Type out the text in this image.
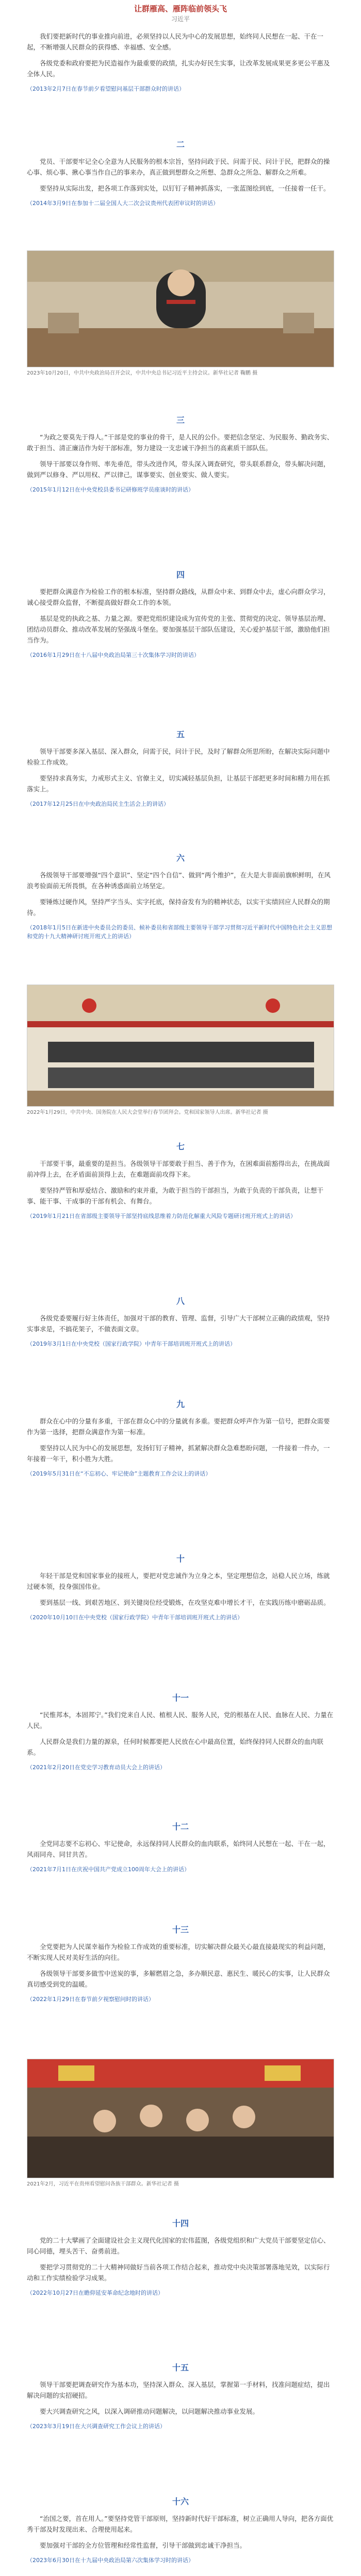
让群雁高、雁阵临前领头飞
习近平

我们要把新时代的事业推向前进，必须坚持以人民为中心的发展思想，始终同人民想在一起、干在一起，不断增强人民群众的获得感、幸福感、安全感。

各级党委和政府要把为民造福作为最重要的政绩，扎实办好民生实事，让改革发展成果更多更公平惠及全体人民。

（2013年2月7日在春节前夕看望慰问基层干部群众时的讲话）
二

党员、干部要牢记全心全意为人民服务的根本宗旨，坚持问政于民、问需于民、问计于民，把群众的操心事、烦心事、揪心事当作自己的事来办，真正做到想群众之所想、急群众之所急、解群众之所难。

要坚持从实际出发，把各项工作落到实处，以钉钉子精神抓落实，一张蓝图绘到底，一任接着一任干。

（2014年3月9日在参加十二届全国人大二次会议贵州代表团审议时的讲话）
2023年10月20日，中共中央政治局召开会议，中共中央总书记习近平主持会议。新华社记者 鞠鹏 摄
三

“为政之要莫先于得人。”干部是党的事业的骨干，是人民的公仆。要把信念坚定、为民服务、勤政务实、敢于担当、清正廉洁作为好干部标准，努力建设一支忠诚干净担当的高素质干部队伍。

领导干部要以身作则、率先垂范，带头改进作风，带头深入调查研究，带头联系群众，带头解决问题，做到严以修身、严以用权、严以律己，谋事要实、创业要实、做人要实。

（2015年1月12日在中央党校县委书记研修班学员座谈时的讲话）
四

要把群众满意作为检验工作的根本标准，坚持群众路线，从群众中来、到群众中去，虚心向群众学习，诚心接受群众监督，不断提高做好群众工作的本领。

基层是党的执政之基、力量之源。要把党组织建设成为宣传党的主张、贯彻党的决定、领导基层治理、团结动员群众、推动改革发展的坚强战斗堡垒。要加强基层干部队伍建设，关心爱护基层干部，激励他们担当作为。

（2016年1月29日在十八届中央政治局第三十次集体学习时的讲话）
五

领导干部要多深入基层、深入群众，问需于民，问计于民，及时了解群众所思所盼，在解决实际问题中检验工作成效。

要坚持求真务实，力戒形式主义、官僚主义，切实减轻基层负担，让基层干部把更多时间和精力用在抓落实上。

（2017年12月25日在中央政治局民主生活会上的讲话）
六

各级领导干部要增强“四个意识”、坚定“四个自信”、做到“两个维护”，在大是大非面前旗帜鲜明，在风浪考验面前无所畏惧，在各种诱惑面前立场坚定。

要锤炼过硬作风，坚持严字当头、实字托底，保持奋发有为的精神状态，以实干实绩回应人民群众的期待。

（2018年1月5日在新进中央委员会的委员、候补委员和省部级主要领导干部学习贯彻习近平新时代中国特色社会主义思想和党的十九大精神研讨班开班式上的讲话）
2022年1月29日，中共中央、国务院在人民大会堂举行春节团拜会。党和国家领导人出席。新华社记者 摄
七

干部要干事，最重要的是担当。各级领导干部要敢于担当、善于作为，在困难面前豁得出去，在挑战面前冲得上去，在矛盾面前顶得上去，在难题面前攻得下来。

要坚持严管和厚爱结合、激励和约束并重，为敢于担当的干部担当，为敢于负责的干部负责，让想干事、能干事、干成事的干部有机会、有舞台。

（2019年1月21日在省部级主要领导干部坚持底线思维着力防范化解重大风险专题研讨班开班式上的讲话）
八

各级党委要履行好主体责任，加强对干部的教育、管理、监督，引导广大干部树立正确的政绩观，坚持实事求是，不搞花架子，不做表面文章。

（2019年3月1日在中央党校（国家行政学院）中青年干部培训班开班式上的讲话）
九

群众在心中的分量有多重，干部在群众心中的分量就有多重。要把群众呼声作为第一信号，把群众需要作为第一选择，把群众满意作为第一标准。

要坚持以人民为中心的发展思想，发扬钉钉子精神，抓紧解决群众急难愁盼问题，一件接着一件办，一年接着一年干，积小胜为大胜。

（2019年5月31日在“不忘初心、牢记使命”主题教育工作会议上的讲话）
十

年轻干部是党和国家事业的接班人，要把对党忠诚作为立身之本，坚定理想信念，站稳人民立场，练就过硬本领，投身强国伟业。

要到基层一线、到艰苦地区、到关键岗位经受锻炼，在攻坚克难中增长才干，在实践历练中磨砺品质。

（2020年10月10日在中央党校（国家行政学院）中青年干部培训班开班式上的讲话）
十一

“民惟邦本，本固邦宁。”我们党来自人民、植根人民、服务人民，党的根基在人民、血脉在人民、力量在人民。

人民群众是我们力量的源泉，任何时候都要把人民放在心中最高位置，始终保持同人民群众的血肉联系。

（2021年2月20日在党史学习教育动员大会上的讲话）
十二

全党同志要不忘初心、牢记使命，永远保持同人民群众的血肉联系，始终同人民想在一起、干在一起，风雨同舟、同甘共苦。

（2021年7月1日在庆祝中国共产党成立100周年大会上的讲话）
十三

全党要把为人民谋幸福作为检验工作成效的重要标准，切实解决群众最关心最直接最现实的利益问题，不断实现人民对美好生活的向往。

各级领导干部要多做雪中送炭的事，多解燃眉之急，多办顺民意、惠民生、暖民心的实事，让人民群众真切感受到党的温暖。

（2022年1月29日在春节前夕视察慰问时的讲话）
2021年2月，习近平在贵州看望慰问各族干部群众。新华社记者 摄
十四

党的二十大擘画了全面建设社会主义现代化国家的宏伟蓝图，各级党组织和广大党员干部要坚定信心、同心同德，埋头苦干、奋勇前进。

要把学习贯彻党的二十大精神同做好当前各项工作结合起来，推动党中央决策部署落地见效，以实际行动和工作实绩检验学习成果。

（2022年10月27日在瞻仰延安革命纪念地时的讲话）
十五

领导干部要把调查研究作为基本功，坚持深入群众、深入基层，掌握第一手材料，找准问题症结，提出解决问题的实招硬招。

要大兴调查研究之风，以深入调研推动问题解决，以问题解决推动事业发展。

（2023年3月19日在大兴调查研究工作会议上的讲话）
十六

“治国之要，首在用人。”要坚持党管干部原则，坚持新时代好干部标准，树立正确用人导向，把各方面优秀干部及时发现出来、合理使用起来。

要加强对干部的全方位管理和经常性监督，引导干部做到忠诚干净担当。

（2023年6月30日在十九届中央政治局第六次集体学习时的讲话）
